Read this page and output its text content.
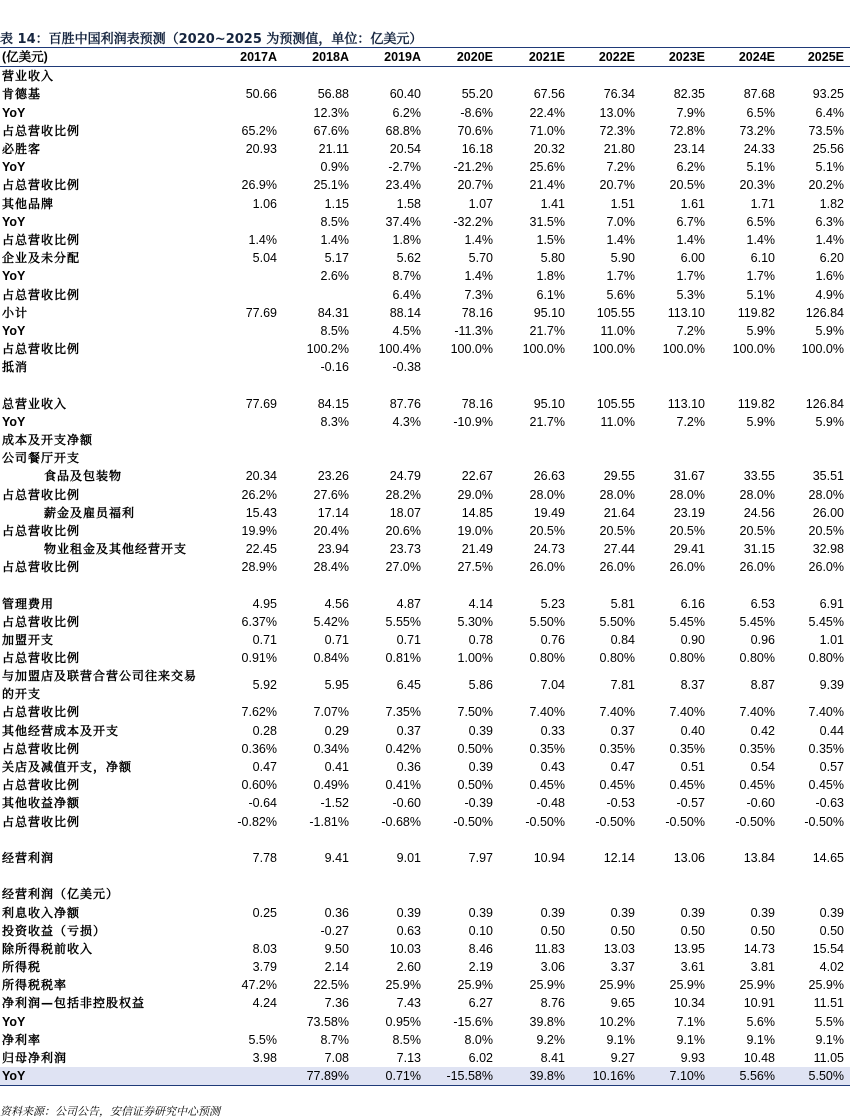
表 14：百胜中国利润表预测（2020~2025 为预测值，单位：亿美元）
(亿美元)	2017A	2018A	2019A	2020E	2021E	2022E	2023E	2024E	2025E
营业收入									
肯德基	50.66	56.88	60.40	55.20	67.56	76.34	82.35	87.68	93.25
YoY		12.3%	6.2%	-8.6%	22.4%	13.0%	7.9%	6.5%	6.4%
占总营收比例	65.2%	67.6%	68.8%	70.6%	71.0%	72.3%	72.8%	73.2%	73.5%
必胜客	20.93	21.11	20.54	16.18	20.32	21.80	23.14	24.33	25.56
YoY		0.9%	-2.7%	-21.2%	25.6%	7.2%	6.2%	5.1%	5.1%
占总营收比例	26.9%	25.1%	23.4%	20.7%	21.4%	20.7%	20.5%	20.3%	20.2%
其他品牌	1.06	1.15	1.58	1.07	1.41	1.51	1.61	1.71	1.82
YoY		8.5%	37.4%	-32.2%	31.5%	7.0%	6.7%	6.5%	6.3%
占总营收比例	1.4%	1.4%	1.8%	1.4%	1.5%	1.4%	1.4%	1.4%	1.4%
企业及未分配	5.04	5.17	5.62	5.70	5.80	5.90	6.00	6.10	6.20
YoY		2.6%	8.7%	1.4%	1.8%	1.7%	1.7%	1.7%	1.6%
占总营收比例			6.4%	7.3%	6.1%	5.6%	5.3%	5.1%	4.9%
小计	77.69	84.31	88.14	78.16	95.10	105.55	113.10	119.82	126.84
YoY		8.5%	4.5%	-11.3%	21.7%	11.0%	7.2%	5.9%	5.9%
占总营收比例		100.2%	100.4%	100.0%	100.0%	100.0%	100.0%	100.0%	100.0%
抵消		-0.16	-0.38						

总营业收入	77.69	84.15	87.76	78.16	95.10	105.55	113.10	119.82	126.84
YoY		8.3%	4.3%	-10.9%	21.7%	11.0%	7.2%	5.9%	5.9%
成本及开支净额									
公司餐厅开支									
食品及包装物	20.34	23.26	24.79	22.67	26.63	29.55	31.67	33.55	35.51
占总营收比例	26.2%	27.6%	28.2%	29.0%	28.0%	28.0%	28.0%	28.0%	28.0%
薪金及雇员福利	15.43	17.14	18.07	14.85	19.49	21.64	23.19	24.56	26.00
占总营收比例	19.9%	20.4%	20.6%	19.0%	20.5%	20.5%	20.5%	20.5%	20.5%
物业租金及其他经营开支	22.45	23.94	23.73	21.49	24.73	27.44	29.41	31.15	32.98
占总营收比例	28.9%	28.4%	27.0%	27.5%	26.0%	26.0%	26.0%	26.0%	26.0%

管理费用	4.95	4.56	4.87	4.14	5.23	5.81	6.16	6.53	6.91
占总营收比例	6.37%	5.42%	5.55%	5.30%	5.50%	5.50%	5.45%	5.45%	5.45%
加盟开支	0.71	0.71	0.71	0.78	0.76	0.84	0.90	0.96	1.01
占总营收比例	0.91%	0.84%	0.81%	1.00%	0.80%	0.80%	0.80%	0.80%	0.80%
与加盟店及联营合营公司往来交易的开支	5.92	5.95	6.45	5.86	7.04	7.81	8.37	8.87	9.39
占总营收比例	7.62%	7.07%	7.35%	7.50%	7.40%	7.40%	7.40%	7.40%	7.40%
其他经营成本及开支	0.28	0.29	0.37	0.39	0.33	0.37	0.40	0.42	0.44
占总营收比例	0.36%	0.34%	0.42%	0.50%	0.35%	0.35%	0.35%	0.35%	0.35%
关店及减值开支，净额	0.47	0.41	0.36	0.39	0.43	0.47	0.51	0.54	0.57
占总营收比例	0.60%	0.49%	0.41%	0.50%	0.45%	0.45%	0.45%	0.45%	0.45%
其他收益净额	-0.64	-1.52	-0.60	-0.39	-0.48	-0.53	-0.57	-0.60	-0.63
占总营收比例	-0.82%	-1.81%	-0.68%	-0.50%	-0.50%	-0.50%	-0.50%	-0.50%	-0.50%

经营利润	7.78	9.41	9.01	7.97	10.94	12.14	13.06	13.84	14.65

经营利润（亿美元）									
利息收入净额	0.25	0.36	0.39	0.39	0.39	0.39	0.39	0.39	0.39
投资收益（亏损）		-0.27	0.63	0.10	0.50	0.50	0.50	0.50	0.50
除所得税前收入	8.03	9.50	10.03	8.46	11.83	13.03	13.95	14.73	15.54
所得税	3.79	2.14	2.60	2.19	3.06	3.37	3.61	3.81	4.02
所得税税率	47.2%	22.5%	25.9%	25.9%	25.9%	25.9%	25.9%	25.9%	25.9%
净利润—包括非控股权益	4.24	7.36	7.43	6.27	8.76	9.65	10.34	10.91	11.51
YoY		73.58%	0.95%	-15.6%	39.8%	10.2%	7.1%	5.6%	5.5%
净利率	5.5%	8.7%	8.5%	8.0%	9.2%	9.1%	9.1%	9.1%	9.1%
归母净利润	3.98	7.08	7.13	6.02	8.41	9.27	9.93	10.48	11.05
YoY		77.89%	0.71%	-15.58%	39.8%	10.16%	7.10%	5.56%	5.50%
资料来源：公司公告，安信证券研究中心预测
